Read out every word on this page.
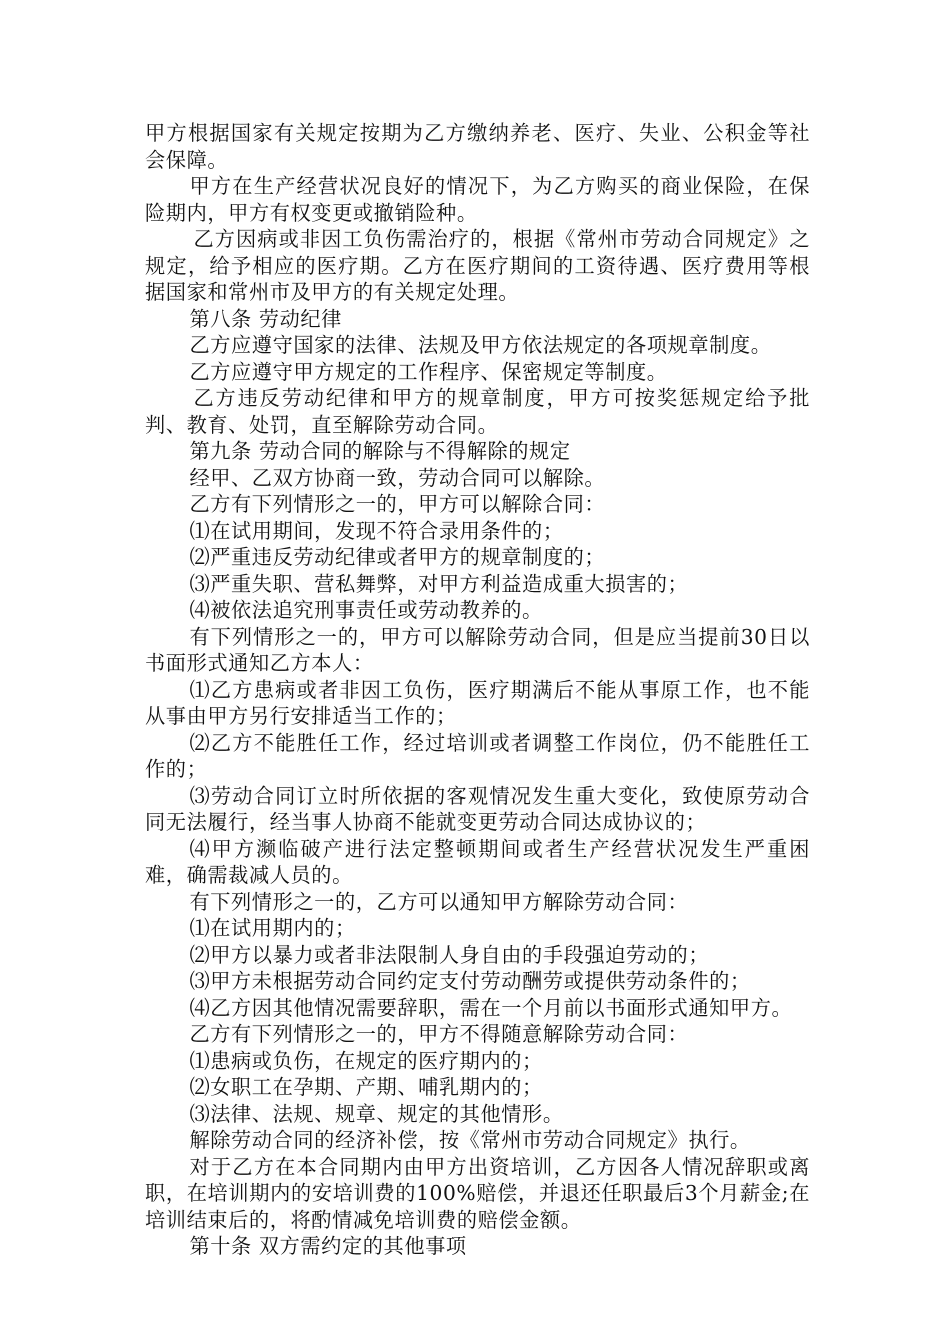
甲方根据国家有关规定按期为乙方缴纳养老、医疗、失业、公积金等社会保障。

甲方在生产经营状况良好的情况下，为乙方购买的商业保险，在保险期内，甲方有权变更或撤销险种。

乙方因病或非因工负伤需治疗的，根据《常州市劳动合同规定》之规定，给予相应的医疗期。乙方在医疗期间的工资待遇、医疗费用等根据国家和常州市及甲方的有关规定处理。

第八条 劳动纪律

乙方应遵守国家的法律、法规及甲方依法规定的各项规章制度。

乙方应遵守甲方规定的工作程序、保密规定等制度。

乙方违反劳动纪律和甲方的规章制度，甲方可按奖惩规定给予批判、教育、处罚，直至解除劳动合同。

第九条 劳动合同的解除与不得解除的规定

经甲、乙双方协商一致，劳动合同可以解除。

乙方有下列情形之一的，甲方可以解除合同：

⑴在试用期间，发现不符合录用条件的；

⑵严重违反劳动纪律或者甲方的规章制度的；

⑶严重失职、营私舞弊，对甲方利益造成重大损害的；

⑷被依法追究刑事责任或劳动教养的。

有下列情形之一的，甲方可以解除劳动合同，但是应当提前30日以书面形式通知乙方本人：

⑴乙方患病或者非因工负伤，医疗期满后不能从事原工作，也不能从事由甲方另行安排适当工作的；

⑵乙方不能胜任工作，经过培训或者调整工作岗位，仍不能胜任工作的；

⑶劳动合同订立时所依据的客观情况发生重大变化，致使原劳动合同无法履行，经当事人协商不能就变更劳动合同达成协议的；

⑷甲方濒临破产进行法定整顿期间或者生产经营状况发生严重困难，确需裁减人员的。

有下列情形之一的，乙方可以通知甲方解除劳动合同：

⑴在试用期内的；

⑵甲方以暴力或者非法限制人身自由的手段强迫劳动的；

⑶甲方未根据劳动合同约定支付劳动酬劳或提供劳动条件的；

⑷乙方因其他情况需要辞职，需在一个月前以书面形式通知甲方。

乙方有下列情形之一的，甲方不得随意解除劳动合同：

⑴患病或负伤，在规定的医疗期内的；

⑵女职工在孕期、产期、哺乳期内的；

⑶法律、法规、规章、规定的其他情形。

解除劳动合同的经济补偿，按《常州市劳动合同规定》执行。

对于乙方在本合同期内由甲方出资培训，乙方因各人情况辞职或离职，在培训期内的安培训费的100%赔偿，并退还任职最后3个月薪金;在培训结束后的，将酌情减免培训费的赔偿金额。

第十条 双方需约定的其他事项
